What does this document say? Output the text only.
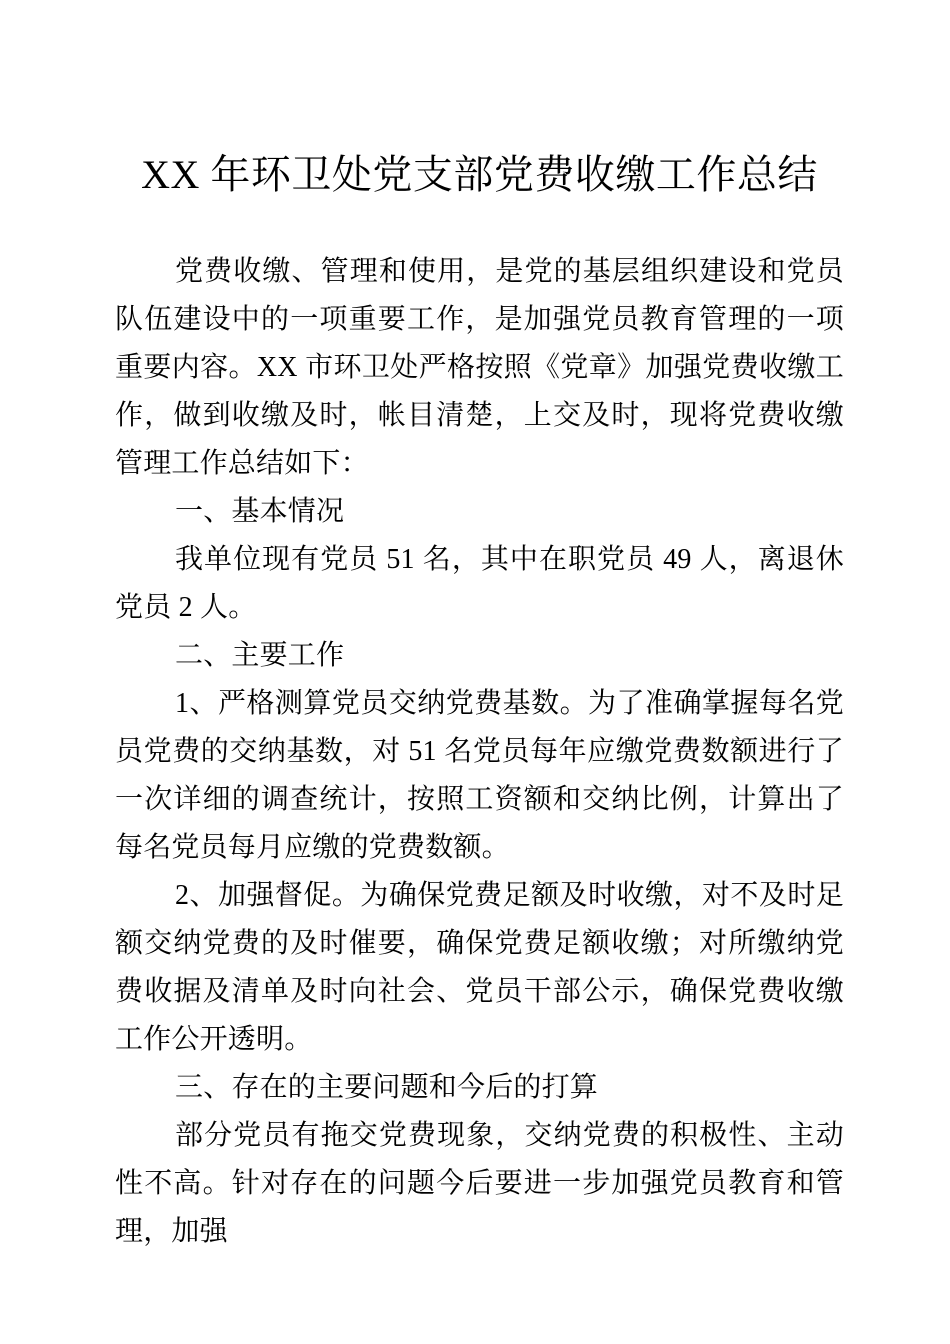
XX 年环卫处党支部党费收缴工作总结

党费收缴、管理和使用，是党的基层组织建设和党员队伍建设中的一项重要工作，是加强党员教育管理的一项重要内容。XX 市环卫处严格按照《党章》加强党费收缴工作，做到收缴及时，帐目清楚，上交及时，现将党费收缴管理工作总结如下：

一、基本情况

我单位现有党员 51 名，其中在职党员 49 人，离退休党员 2 人。

二、主要工作

1、严格测算党员交纳党费基数。为了准确掌握每名党员党费的交纳基数，对 51 名党员每年应缴党费数额进行了一次详细的调查统计，按照工资额和交纳比例，计算出了每名党员每月应缴的党费数额。

2、加强督促。为确保党费足额及时收缴，对不及时足额交纳党费的及时催要，确保党费足额收缴；对所缴纳党费收据及清单及时向社会、党员干部公示，确保党费收缴工作公开透明。

三、存在的主要问题和今后的打算

部分党员有拖交党费现象，交纳党费的积极性、主动性不高。针对存在的问题今后要进一步加强党员教育和管理，加强
